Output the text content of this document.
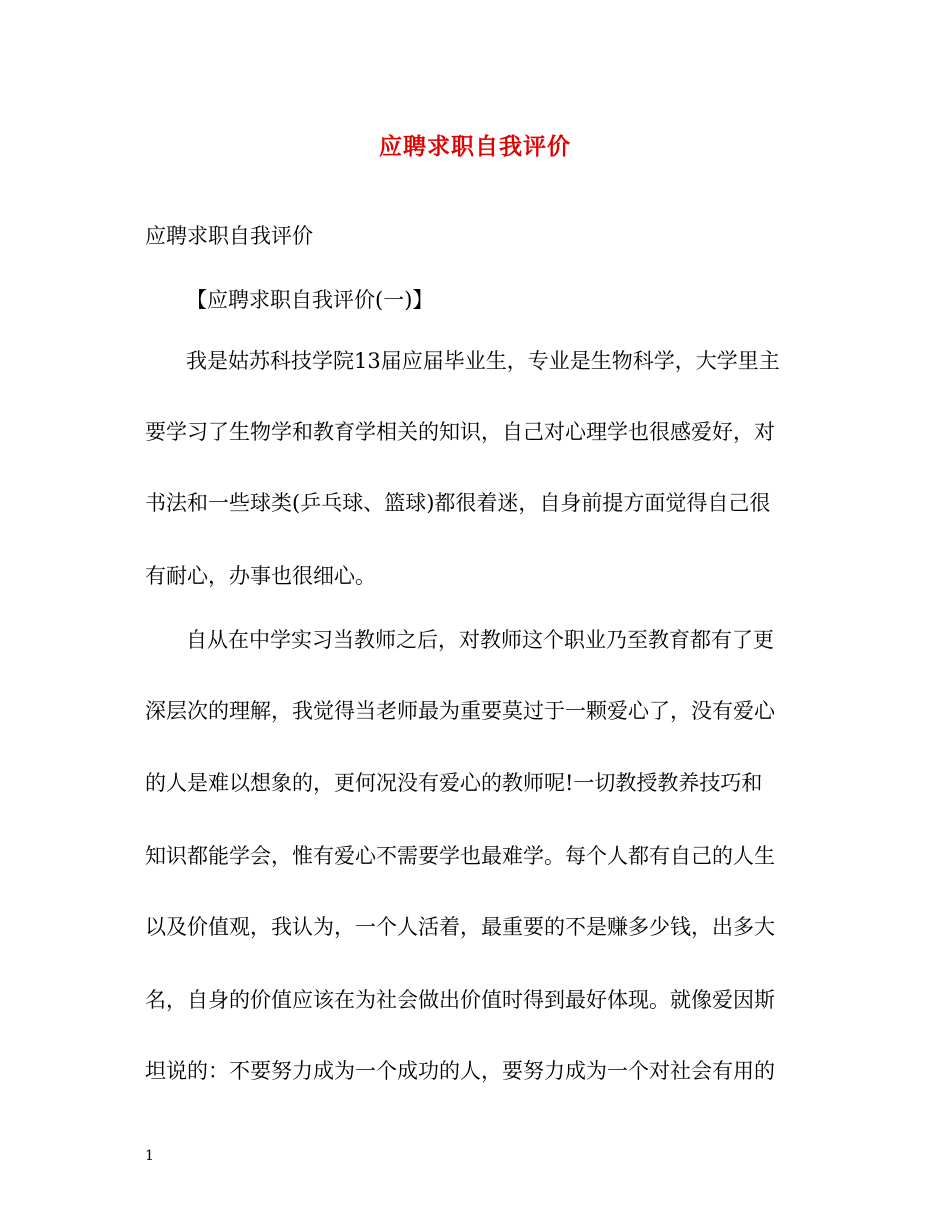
应聘求职自我评价

应聘求职自我评价

【应聘求职自我评价(一)】

我是姑苏科技学院13届应届毕业生，专业是生物科学，大学里主

要学习了生物学和教育学相关的知识，自己对心理学也很感爱好，对

书法和一些球类(乒乓球、篮球)都很着迷，自身前提方面觉得自己很

有耐心，办事也很细心。

自从在中学实习当教师之后，对教师这个职业乃至教育都有了更

深层次的理解，我觉得当老师最为重要莫过于一颗爱心了，没有爱心

的人是难以想象的，更何况没有爱心的教师呢!一切教授教养技巧和

知识都能学会，惟有爱心不需要学也最难学。每个人都有自己的人生

以及价值观，我认为，一个人活着，最重要的不是赚多少钱，出多大

名，自身的价值应该在为社会做出价值时得到最好体现。就像爱因斯

坦说的：不要努力成为一个成功的人，要努力成为一个对社会有用的

1
